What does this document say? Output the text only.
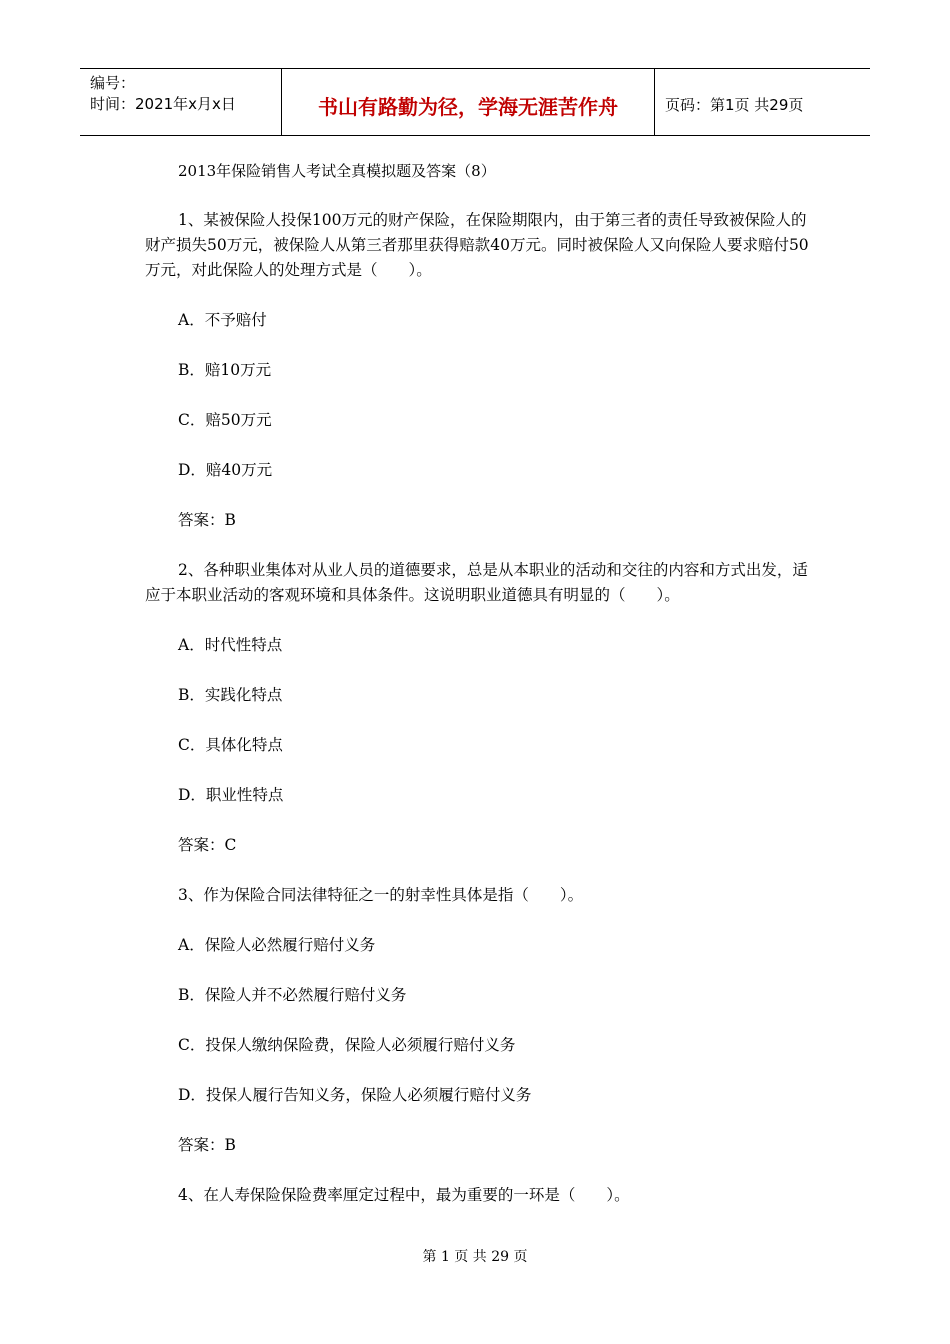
编号：
时间：2021年x月x日	书山有路勤为径，学海无涯苦作舟	页码：第1页 共29页
2013年保险销售人考试全真模拟题及答案（8）

1、某被保险人投保100万元的财产保险，在保险期限内，由于第三者的责任导致被保险人的财产损失50万元，被保险人从第三者那里获得赔款40万元。同时被保险人又向保险人要求赔付50万元，对此保险人的处理方式是（　　）。

A．不予赔付

B．赔10万元

C．赔50万元

D．赔40万元

答案：B

2、各种职业集体对从业人员的道德要求，总是从本职业的活动和交往的内容和方式出发，适应于本职业活动的客观环境和具体条件。这说明职业道德具有明显的（　　）。

A．时代性特点

B．实践化特点

C．具体化特点

D．职业性特点

答案：C

3、作为保险合同法律特征之一的射幸性具体是指（　　）。

A．保险人必然履行赔付义务

B．保险人并不必然履行赔付义务

C．投保人缴纳保险费，保险人必须履行赔付义务

D．投保人履行告知义务，保险人必须履行赔付义务

答案：B

4、在人寿保险保险费率厘定过程中，最为重要的一环是（　　）。

第 1 页 共 29 页
